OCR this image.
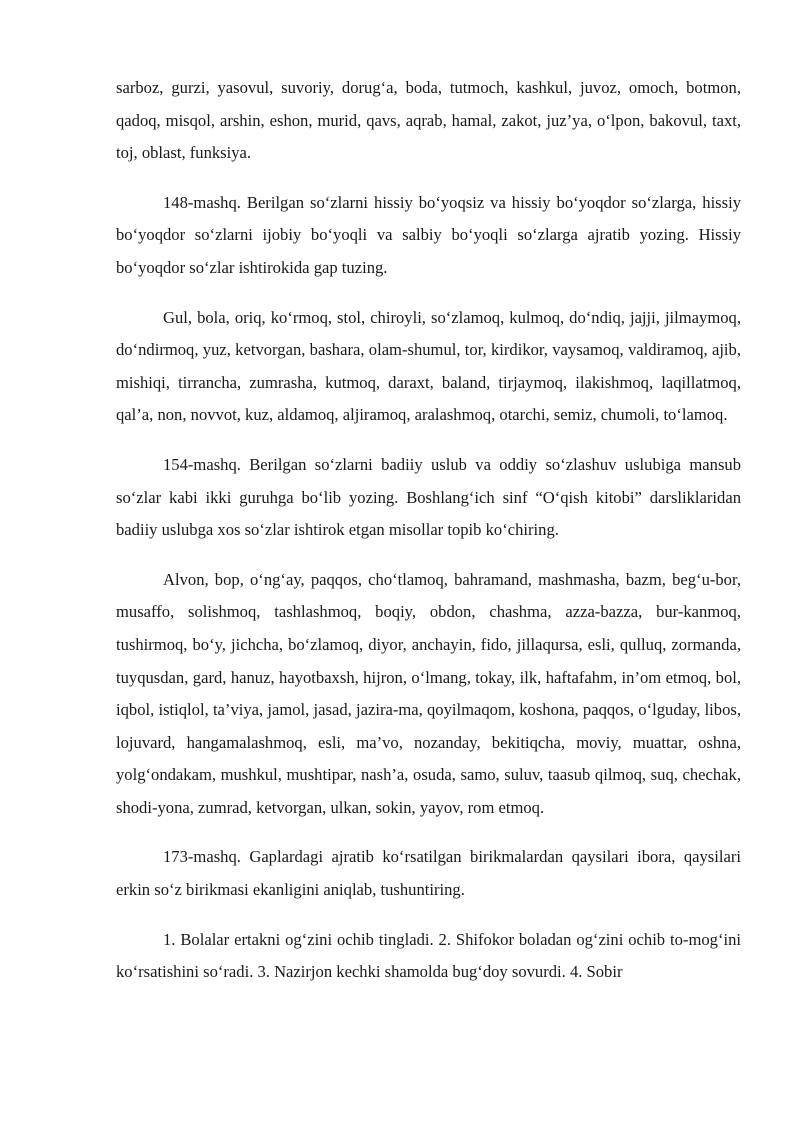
sarboz, gurzi, yasovul, suvoriy, dorug‘a, boda, tutmoch, kashkul, juvoz, omoch, botmon, qadoq, misqol, arshin, eshon, murid, qavs, aqrab, hamal, zakot, juz’ya, o‘lpon, bakovul, taxt, toj, oblast, funksiya.

148-mashq. Berilgan so‘zlarni hissiy bo‘yoqsiz va hissiy bo‘yoqdor so‘zlarga, hissiy bo‘yoqdor so‘zlarni ijobiy bo‘yoqli va salbiy bo‘yoqli so‘zlarga ajratib yozing. Hissiy bo‘yoqdor so‘zlar ishtirokida gap tuzing.

Gul, bola, oriq, ko‘rmoq, stol, chiroyli, so‘zlamoq, kulmoq, do‘ndiq, jajji, jilmaymoq, do‘ndirmoq, yuz, ketvorgan, bashara, olam-shumul, tor, kirdikor, vaysamoq, valdiramoq, ajib, mishiqi, tirrancha, zumrasha, kutmoq, daraxt, baland, tirjaymoq, ilakishmoq, laqillatmoq, qal’a, non, novvot, kuz, aldamoq, aljiramoq, aralashmoq, otarchi, semiz, chumoli, to‘lamoq.

154-mashq. Berilgan so‘zlarni badiiy uslub va oddiy so‘zlashuv uslubiga mansub so‘zlar kabi ikki guruhga bo‘lib yozing. Boshlang‘ich sinf “O‘qish kitobi” darsliklaridan badiiy uslubga xos so‘zlar ishtirok etgan misollar topib ko‘chiring.

Alvon, bop, o‘ng‘ay, paqqos, cho‘tlamoq, bahramand, mashmasha, bazm, beg‘u-bor, musaffo, solishmoq, tashlashmoq, boqiy, obdon, chashma, azza-bazza, bur-kanmoq, tushirmoq, bo‘y, jichcha, bo‘zlamoq, diyor, anchayin, fido, jillaqursa, esli, qulluq, zormanda, tuyqusdan, gard, hanuz, hayotbaxsh, hijron, o‘lmang, tokay, ilk, haftafahm, in’om etmoq, bol, iqbol, istiqlol, ta’viya, jamol, jasad, jazira-ma, qoyilmaqom, koshona, paqqos, o‘lguday, libos, lojuvard, hangamalashmoq, esli, ma’vo, nozanday, bekitiqcha, moviy, muattar, oshna, yolg‘ondakam, mushkul, mushtipar, nash’a, osuda, samo, suluv, taasub qilmoq, suq, chechak, shodi-yona, zumrad, ketvorgan, ulkan, sokin, yayov, rom etmoq.

173-mashq. Gaplardagi ajratib ko‘rsatilgan birikmalardan qaysilari ibora, qaysilari erkin so‘z birikmasi ekanligini aniqlab, tushuntiring.

1. Bolalar ertakni og‘zini ochib tingladi. 2. Shifokor boladan og‘zini ochib to-mog‘ini ko‘rsatishini so‘radi. 3. Nazirjon kechki shamolda bug‘doy sovurdi. 4. Sobir
